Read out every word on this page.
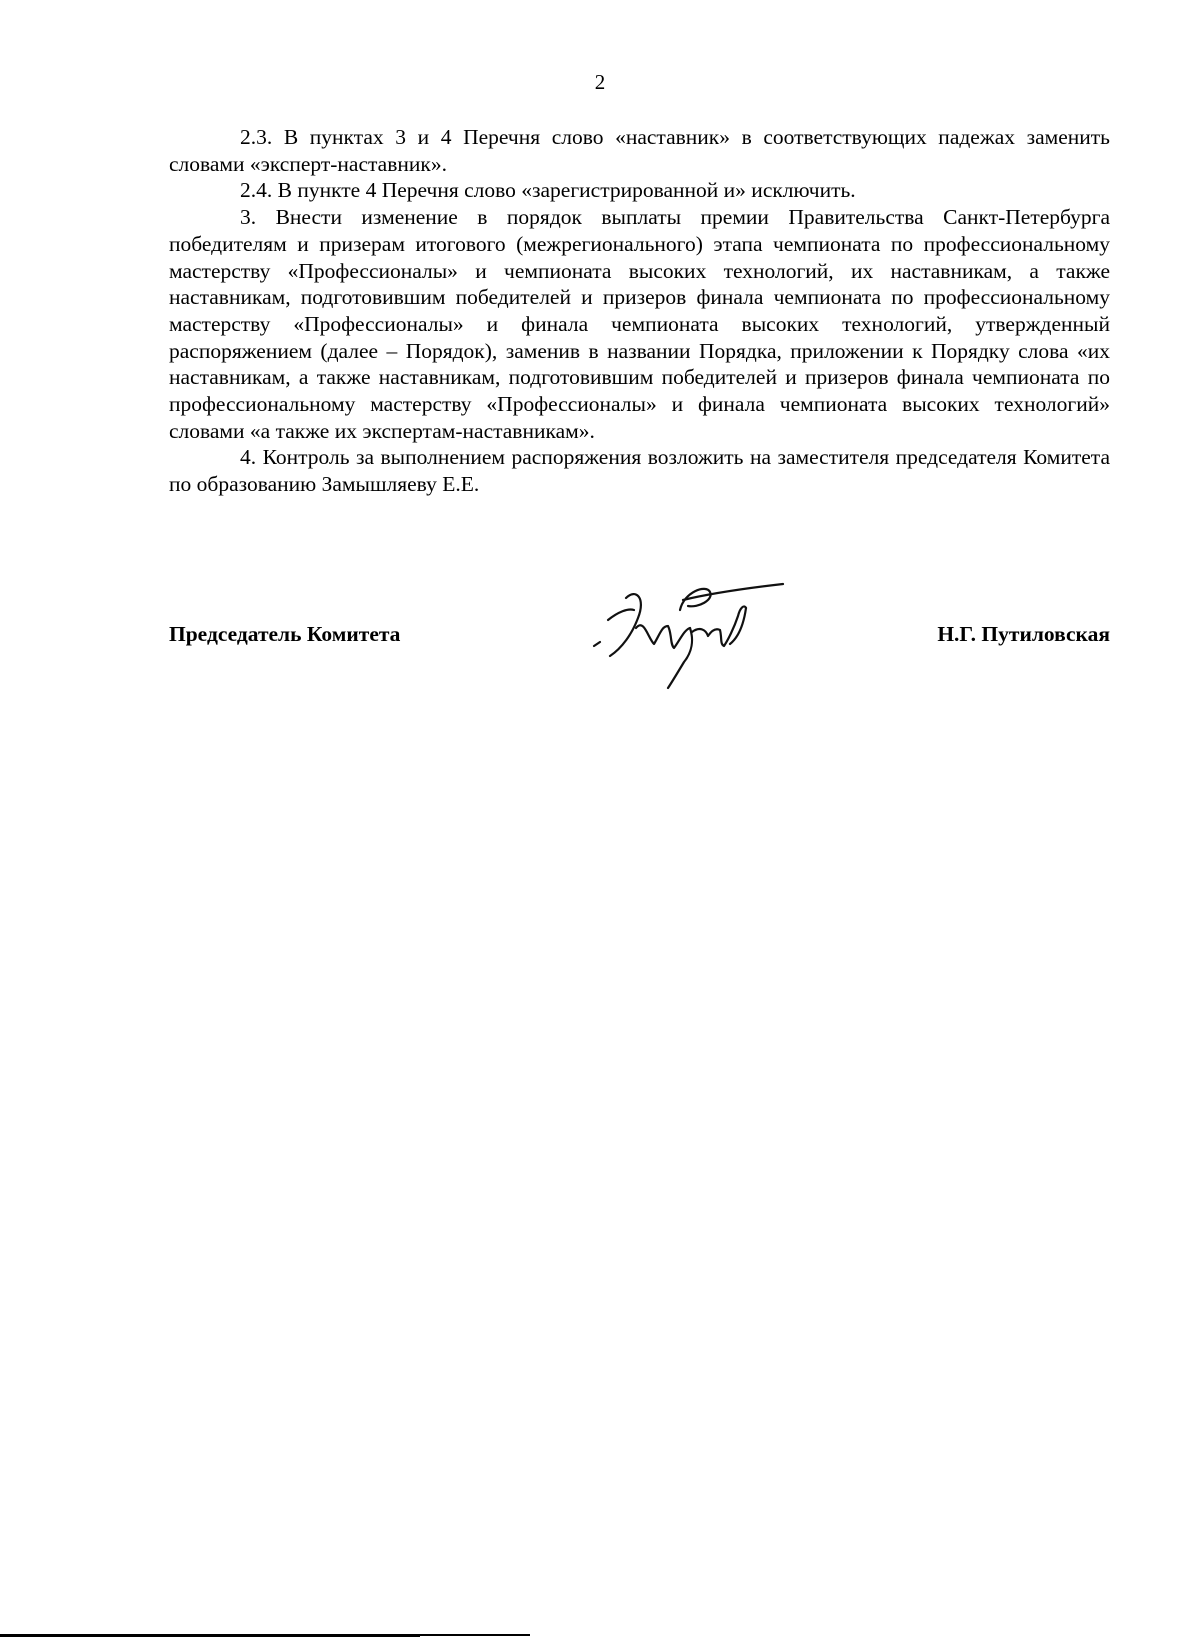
2

2.3. В пунктах 3 и 4 Перечня слово «наставник» в соответствующих падежах заменить словами «эксперт-наставник».

2.4. В пункте 4 Перечня слово «зарегистрированной и» исключить.

3. Внести изменение в порядок выплаты премии Правительства Санкт-Петербурга победителям и призерам итогового (межрегионального) этапа чемпионата по профессиональному мастерству «Профессионалы» и чемпионата высоких технологий, их наставникам, а также наставникам, подготовившим победителей и призеров финала чемпионата по профессиональному мастерству «Профессионалы» и финала чемпионата высоких технологий, утвержденный распоряжением (далее – Порядок), заменив в названии Порядка, приложении к Порядку слова «их наставникам, а также наставникам, подготовившим победителей и призеров финала чемпионата по профессиональному мастерству «Профессионалы» и финала чемпионата высоких технологий» словами «а также их экспертам-наставникам».

4. Контроль за выполнением распоряжения возложить на заместителя председателя Комитета по образованию Замышляеву Е.Е.

Председатель Комитета	Н.Г. Путиловская
